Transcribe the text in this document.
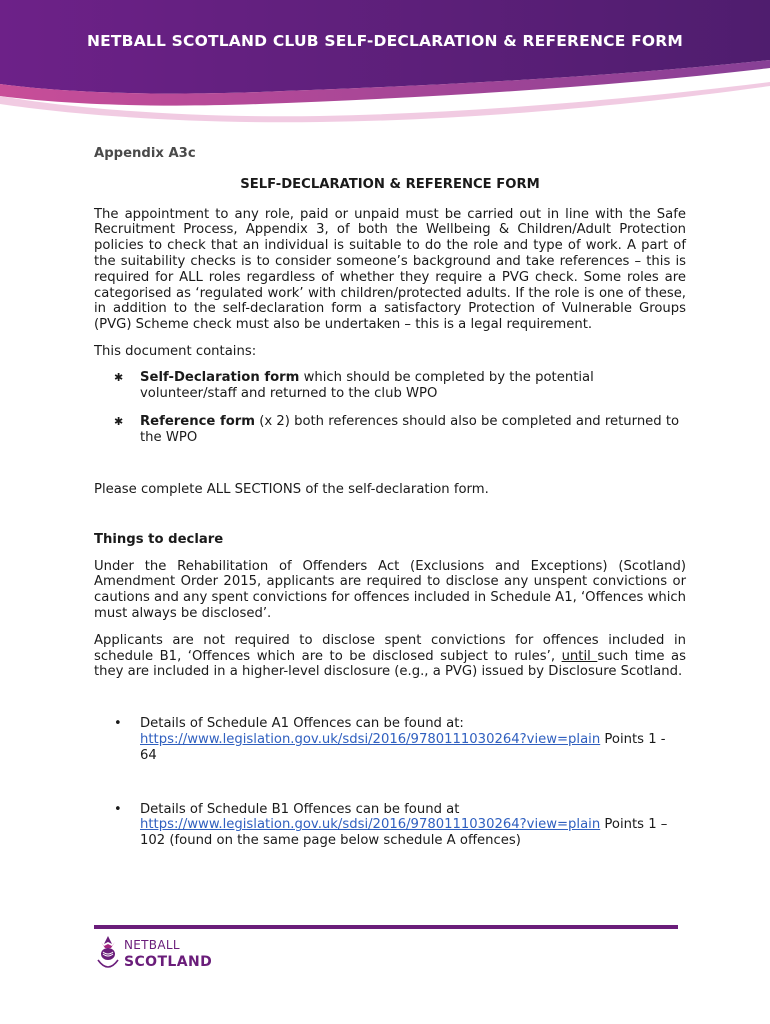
NETBALL SCOTLAND CLUB SELF-DECLARATION & REFERENCE FORM
Appendix A3c
SELF-DECLARATION & REFERENCE FORM
The appointment to any role, paid or unpaid must be carried out in line with the Safe Recruitment Process, Appendix 3, of both the Wellbeing & Children/Adult Protection policies to check that an individual is suitable to do the role and type of work. A part of the suitability checks is to consider someone’s background and take references – this is required for ALL roles regardless of whether they require a PVG check. Some roles are categorised as ‘regulated work’ with children/protected adults. If the role is one of these, in addition to the self-declaration form a satisfactory Protection of Vulnerable Groups (PVG) Scheme check must also be undertaken – this is a legal requirement.
This document contains:
✱ Self-Declaration form which should be completed by the potential volunteer/staff and returned to the club WPO
✱ Reference form (x 2) both references should also be completed and returned to the WPO
Please complete ALL SECTIONS of the self-declaration form.
Things to declare
Under the Rehabilitation of Offenders Act (Exclusions and Exceptions) (Scotland) Amendment Order 2015, applicants are required to disclose any unspent convictions or cautions and any spent convictions for offences included in Schedule A1, ‘Offences which must always be disclosed’.
Applicants are not required to disclose spent convictions for offences included in schedule B1, ‘Offences which are to be disclosed subject to rules’, until such time as they are included in a higher-level disclosure (e.g., a PVG) issued by Disclosure Scotland.
• Details of Schedule A1 Offences can be found at:
https://www.legislation.gov.uk/sdsi/2016/9780111030264?view=plain Points 1 - 64
• Details of Schedule B1 Offences can be found at
https://www.legislation.gov.uk/sdsi/2016/9780111030264?view=plain Points 1 – 102 (found on the same page below schedule A offences)
NETBALL
SCOTLAND
